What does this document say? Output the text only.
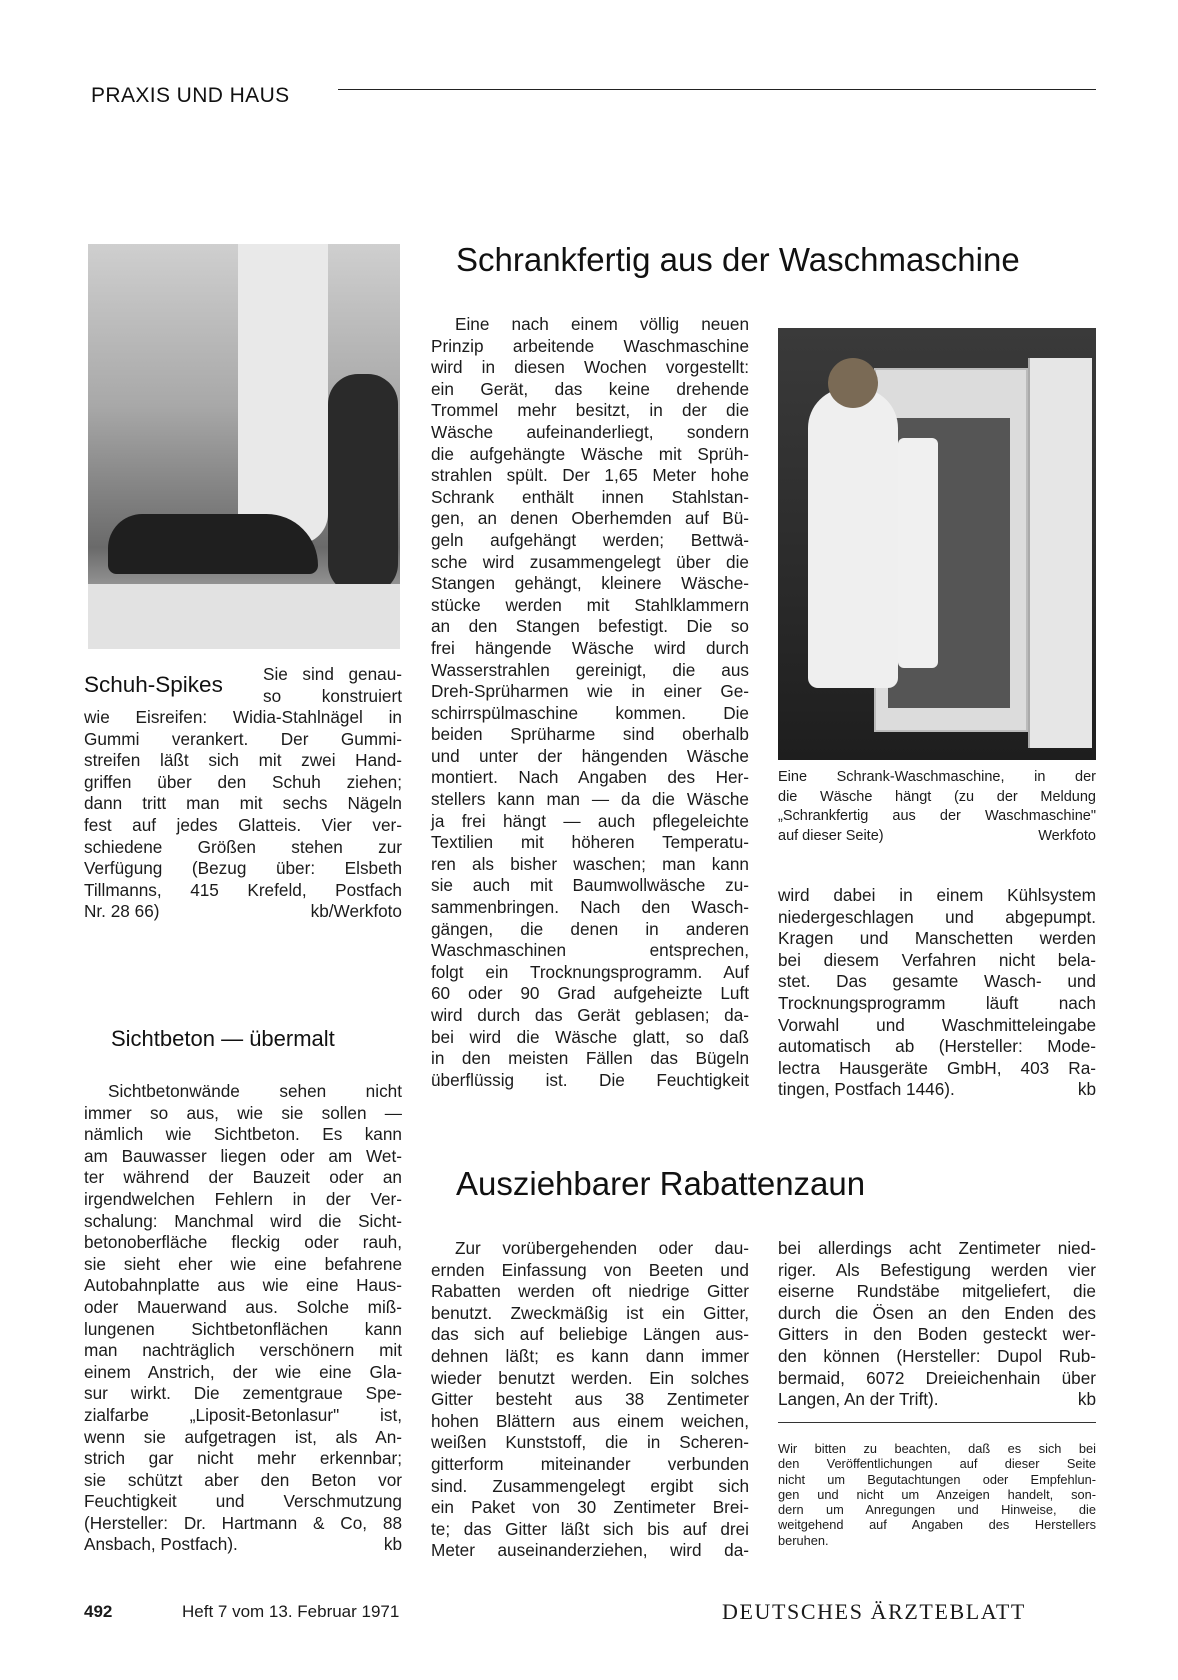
PRAXIS UND HAUS
Schuh-Spikes Sie sind genau-
so konstruiert
wie Eisreifen: Widia-Stahlnägel in
Gummi verankert. Der Gummi-
streifen läßt sich mit zwei Hand-
griffen über den Schuh ziehen;
dann tritt man mit sechs Nägeln
fest auf jedes Glatteis. Vier ver-
schiedene Größen stehen zur
Verfügung (Bezug über: Elsbeth
Tillmanns, 415 Krefeld, Postfach
Nr. 28 66)	kb/Werkfoto
Sichtbeton — übermalt
Sichtbetonwände sehen nicht
immer so aus, wie sie sollen —
nämlich wie Sichtbeton. Es kann
am Bauwasser liegen oder am Wet-
ter während der Bauzeit oder an
irgendwelchen Fehlern in der Ver-
schalung: Manchmal wird die Sicht-
betonoberfläche fleckig oder rauh,
sie sieht eher wie eine befahrene
Autobahnplatte aus wie eine Haus-
oder Mauerwand aus. Solche miß-
lungenen Sichtbetonflächen kann
man nachträglich verschönern mit
einem Anstrich, der wie eine Gla-
sur wirkt. Die zementgraue Spe-
zialfarbe „Liposit-Betonlasur" ist,
wenn sie aufgetragen ist, als An-
strich gar nicht mehr erkennbar;
sie schützt aber den Beton vor
Feuchtigkeit und Verschmutzung
(Hersteller: Dr. Hartmann & Co, 88
Ansbach, Postfach).	kb
Schrankfertig aus der Waschmaschine
Eine nach einem völlig neuen
Prinzip arbeitende Waschmaschine
wird in diesen Wochen vorgestellt:
ein Gerät, das keine drehende
Trommel mehr besitzt, in der die
Wäsche aufeinanderliegt, sondern
die aufgehängte Wäsche mit Sprüh-
strahlen spült. Der 1,65 Meter hohe
Schrank enthält innen Stahlstan-
gen, an denen Oberhemden auf Bü-
geln aufgehängt werden; Bettwä-
sche wird zusammengelegt über die
Stangen gehängt, kleinere Wäsche-
stücke werden mit Stahlklammern
an den Stangen befestigt. Die so
frei hängende Wäsche wird durch
Wasserstrahlen gereinigt, die aus
Dreh-Sprüharmen wie in einer Ge-
schirrspülmaschine kommen. Die
beiden Sprüharme sind oberhalb
und unter der hängenden Wäsche
montiert. Nach Angaben des Her-
stellers kann man — da die Wäsche
ja frei hängt — auch pflegeleichte
Textilien mit höheren Temperatu-
ren als bisher waschen; man kann
sie auch mit Baumwollwäsche zu-
sammenbringen. Nach den Wasch-
gängen, die denen in anderen
Waschmaschinen entsprechen,
folgt ein Trocknungsprogramm. Auf
60 oder 90 Grad aufgeheizte Luft
wird durch das Gerät geblasen; da-
bei wird die Wäsche glatt, so daß
in den meisten Fällen das Bügeln
überflüssig ist. Die Feuchtigkeit
Eine Schrank-Waschmaschine, in der
die Wäsche hängt (zu der Meldung
„Schrankfertig aus der Waschmaschine"
auf dieser Seite)	Werkfoto
wird dabei in einem Kühlsystem
niedergeschlagen und abgepumpt.
Kragen und Manschetten werden
bei diesem Verfahren nicht bela-
stet. Das gesamte Wasch- und
Trocknungsprogramm läuft nach
Vorwahl und Waschmitteleingabe
automatisch ab (Hersteller: Mode-
lectra Hausgeräte GmbH, 403 Ra-
tingen, Postfach 1446).	kb
Ausziehbarer Rabattenzaun
Zur vorübergehenden oder dau-
ernden Einfassung von Beeten und
Rabatten werden oft niedrige Gitter
benutzt. Zweckmäßig ist ein Gitter,
das sich auf beliebige Längen aus-
dehnen läßt; es kann dann immer
wieder benutzt werden. Ein solches
Gitter besteht aus 38 Zentimeter
hohen Blättern aus einem weichen,
weißen Kunststoff, die in Scheren-
gitterform miteinander verbunden
sind. Zusammengelegt ergibt sich
ein Paket von 30 Zentimeter Brei-
te; das Gitter läßt sich bis auf drei
Meter auseinanderziehen, wird da-
bei allerdings acht Zentimeter nied-
riger. Als Befestigung werden vier
eiserne Rundstäbe mitgeliefert, die
durch die Ösen an den Enden des
Gitters in den Boden gesteckt wer-
den können (Hersteller: Dupol Rub-
bermaid, 6072 Dreieichenhain über
Langen, An der Trift).	kb
Wir bitten zu beachten, daß es sich bei
den Veröffentlichungen auf dieser Seite
nicht um Begutachtungen oder Empfehlun-
gen und nicht um Anzeigen handelt, son-
dern um Anregungen und Hinweise, die
weitgehend auf Angaben des Herstellers
beruhen.
492	Heft 7 vom 13. Februar 1971	DEUTSCHES ÄRZTEBLATT
